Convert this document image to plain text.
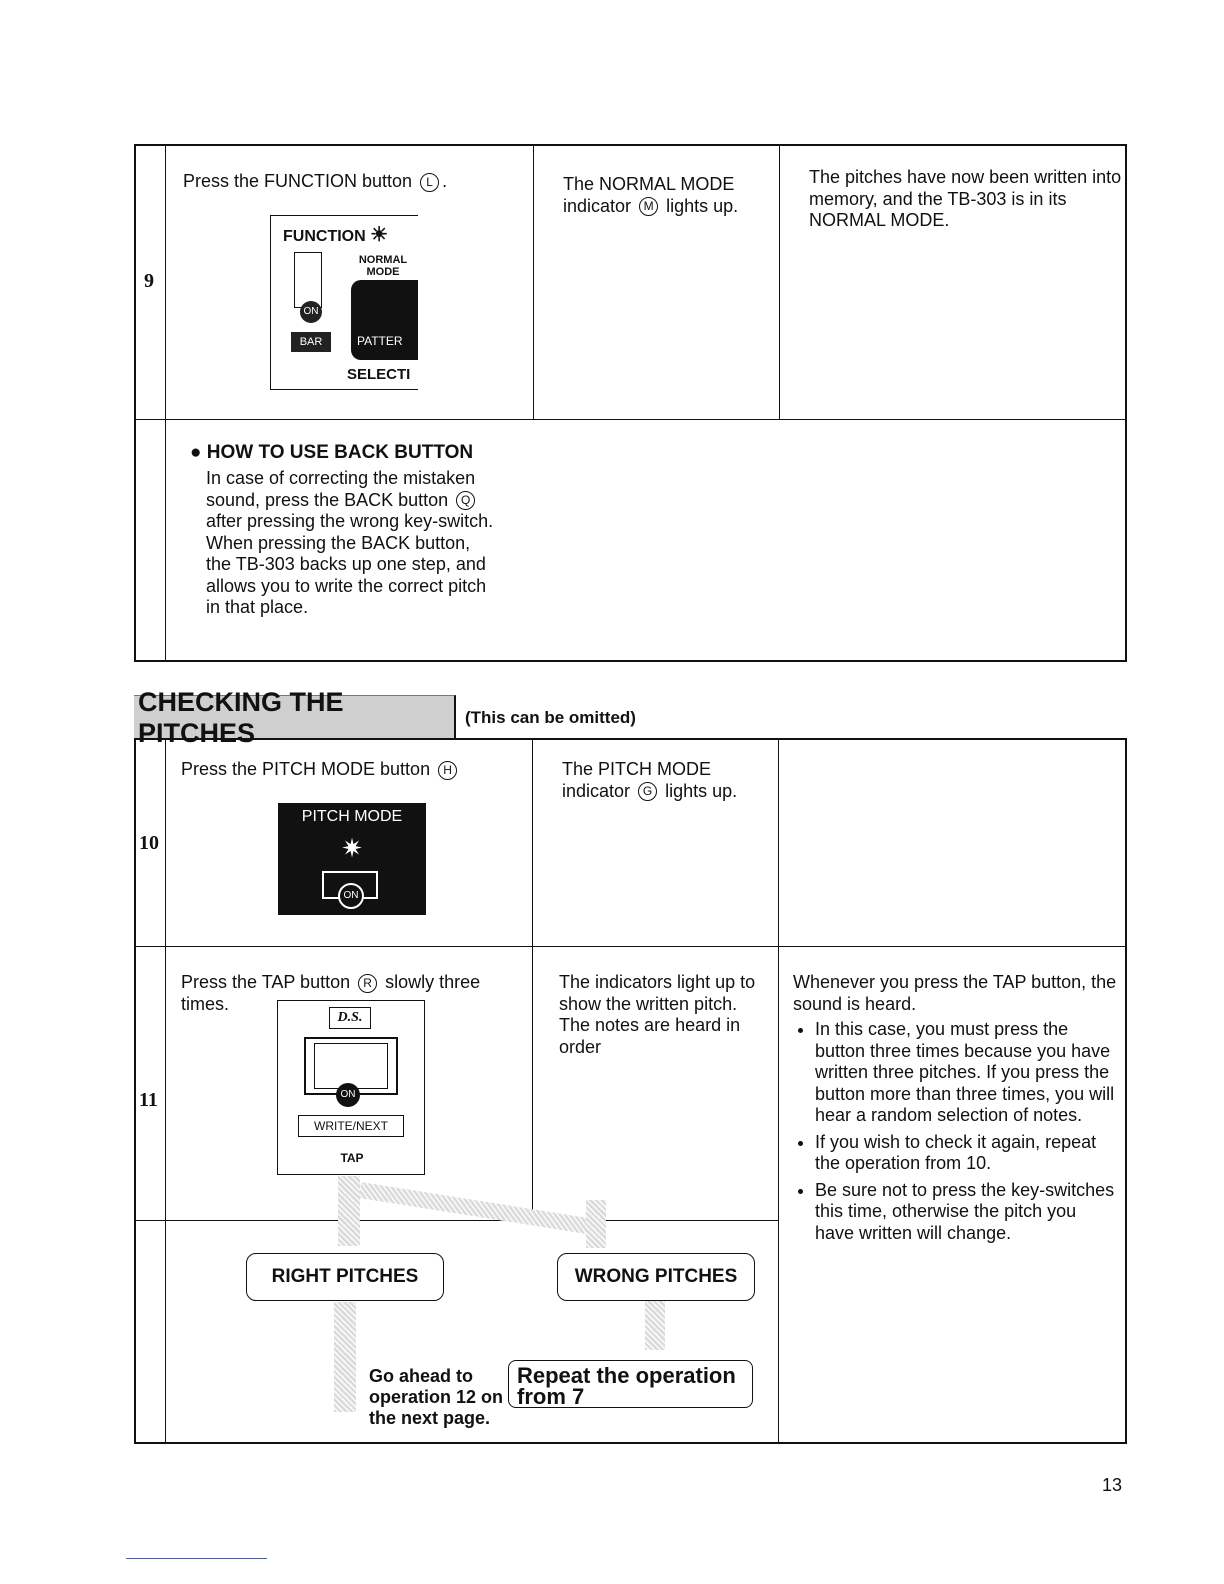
9
Press the FUNCTION button L .
FUNCTION ☀
NORMAL MODE
ON
BAR	PATTER
SELECTI
The NORMAL MODE indicator M lights up.
The pitches have now been written into memory, and the TB-303 is in its NORMAL MODE.
● HOW TO USE BACK BUTTON
In case of correcting the mistaken sound, press the BACK button Q after pressing the wrong key-switch. When pressing the BACK button, the TB-303 backs up one step, and allows you to write the correct pitch in that place.
CHECKING THE PITCHES
(This can be omitted)
10
11
Press the PITCH MODE button H
PITCH MODE
✷
ON
The PITCH MODE indicator G lights up.
Press the TAP button R slowly three times.
D.S.
ON
WRITE/NEXT
TAP
The indicators light up to show the written pitch. The notes are heard in order
Whenever you press the TAP button, the sound is heard.
• In this case, you must press the button three times because you have written three pitches. If you press the button more than three times, you will hear a random selection of notes.
• If you wish to check it again, repeat the operation from 10.
• Be sure not to press the key-switches this time, otherwise the pitch you have written will change.
RIGHT PITCHES	WRONG PITCHES
Go ahead to operation 12 on the next page.
Repeat the operation from 7
13
